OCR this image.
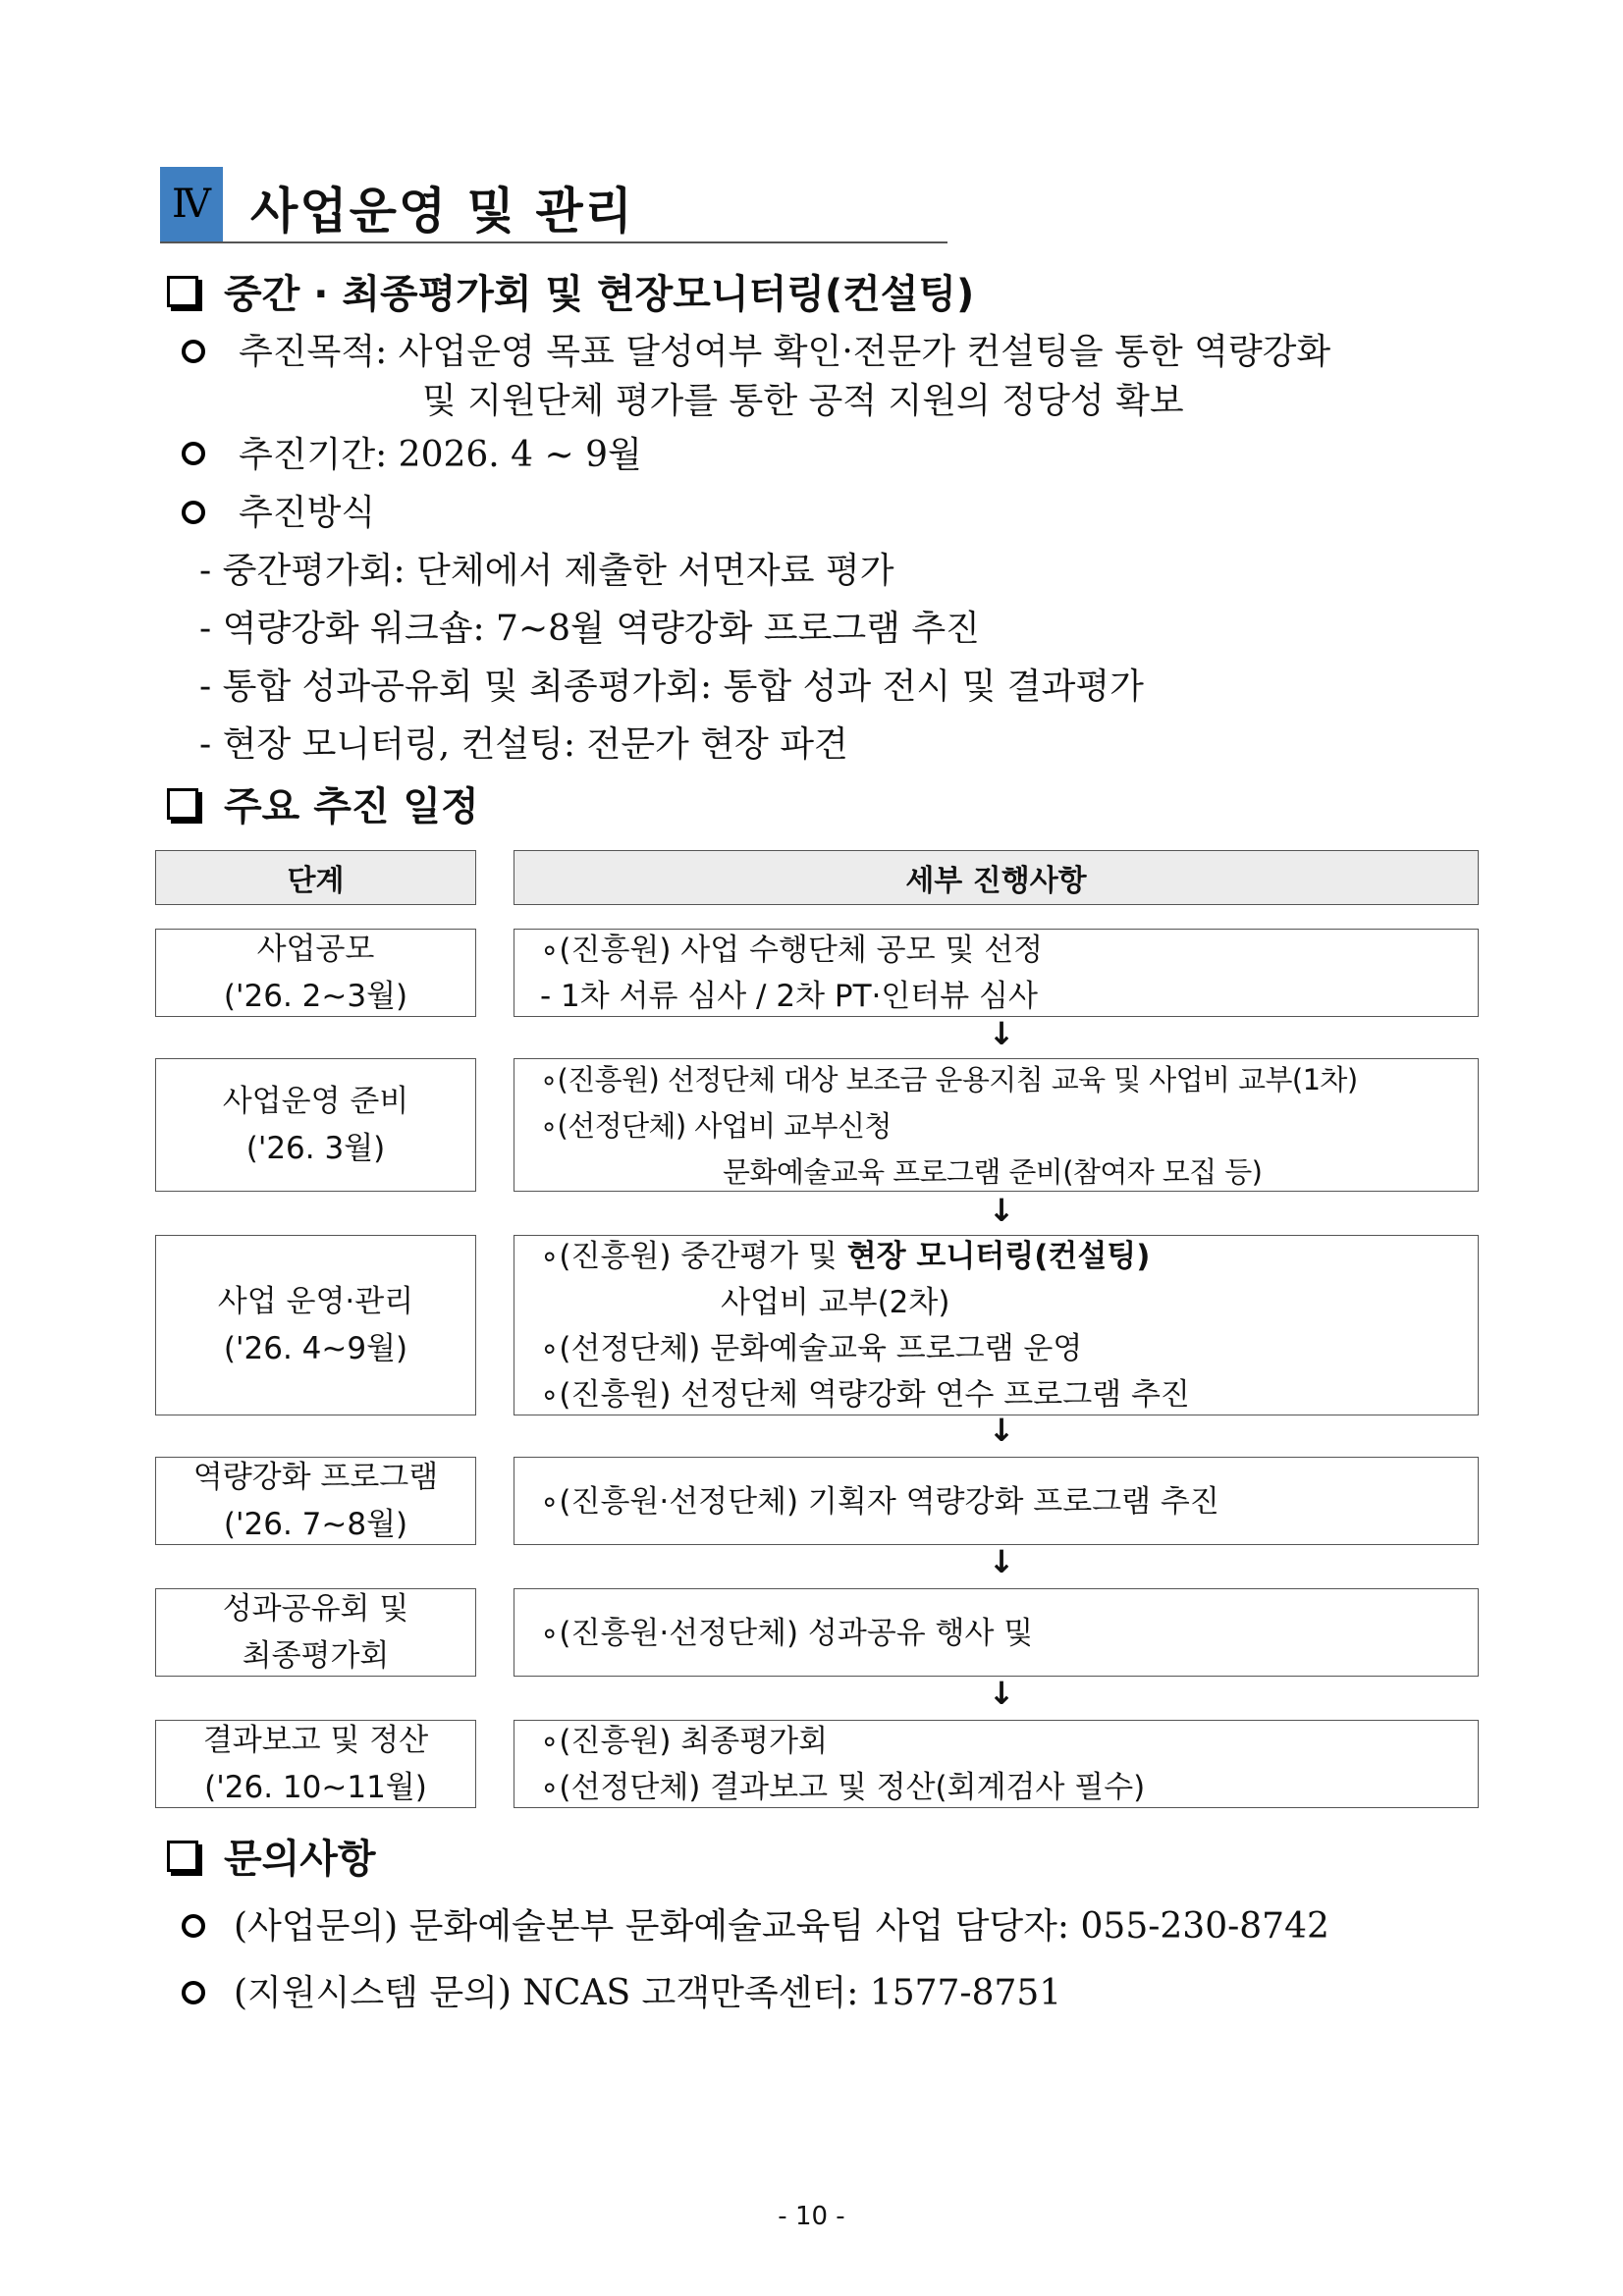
Ⅳ 사업운영 및 관리
중간 · 최종평가회 및 현장모니터링(컨설팅)
추진목적: 사업운영 목표 달성여부 확인·전문가 컨설팅을 통한 역량강화
및 지원단체 평가를 통한 공적 지원의 정당성 확보
추진기간: 2026. 4 ~ 9월
추진방식
- 중간평가회: 단체에서 제출한 서면자료 평가
- 역량강화 워크숍: 7~8월 역량강화 프로그램 추진
- 통합 성과공유회 및 최종평가회: 통합 성과 전시 및 결과평가
- 현장 모니터링, 컨설팅: 전문가 현장 파견
주요 추진 일정
단계	세부 진행사항
사업공모
('26. 2~3월)
∘(진흥원) 사업 수행단체 공모 및 선정
- 1차 서류 심사 / 2차 PT·인터뷰 심사
↓
사업운영 준비
('26. 3월)
∘(진흥원) 선정단체 대상 보조금 운용지침 교육 및 사업비 교부(1차)
∘(선정단체) 사업비 교부신청
문화예술교육 프로그램 준비(참여자 모집 등)
↓
사업 운영·관리
('26. 4~9월)
∘(진흥원) 중간평가 및 현장 모니터링(컨설팅)
사업비 교부(2차)
∘(선정단체) 문화예술교육 프로그램 운영
∘(진흥원) 선정단체 역량강화 연수 프로그램 추진
↓
역량강화 프로그램
('26. 7~8월)
∘(진흥원·선정단체) 기획자 역량강화 프로그램 추진
↓
성과공유회 및
최종평가회
∘(진흥원·선정단체) 성과공유 행사 및
↓
결과보고 및 정산
('26. 10~11월)
∘(진흥원) 최종평가회
∘(선정단체) 결과보고 및 정산(회계검사 필수)
문의사항
(사업문의) 문화예술본부 문화예술교육팀 사업 담당자: 055-230-8742
(지원시스템 문의) NCAS 고객만족센터: 1577-8751
- 10 -
